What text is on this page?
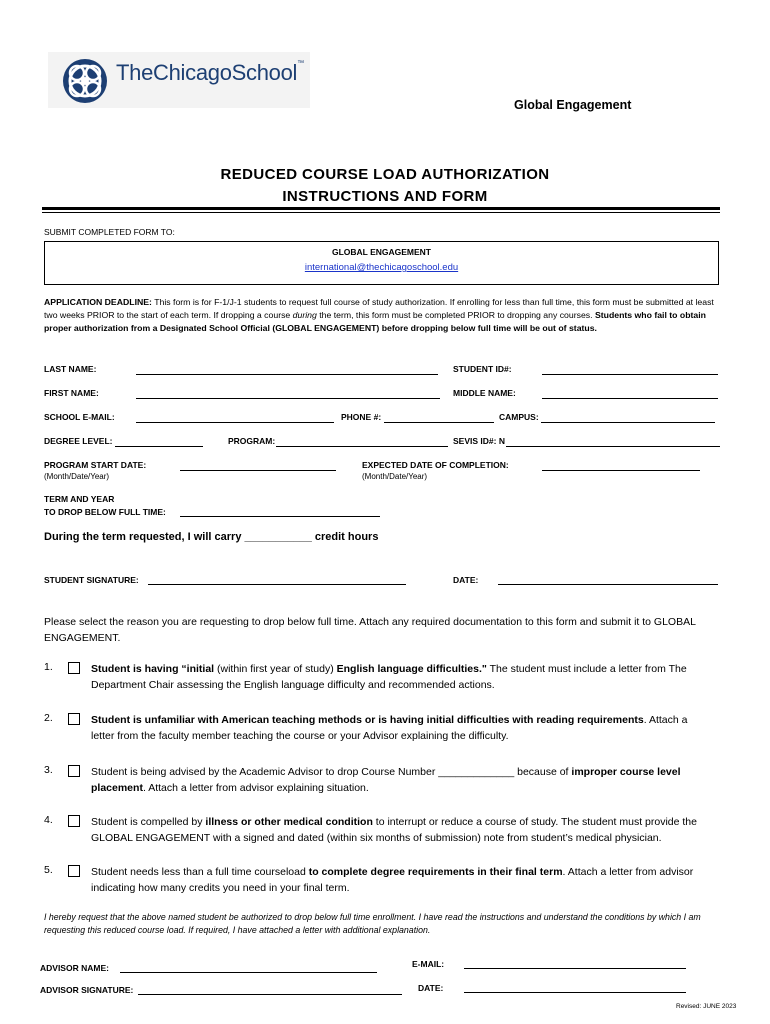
TheChicagoSchool™
Global Engagement
REDUCED COURSE LOAD AUTHORIZATION
INSTRUCTIONS AND FORM
SUBMIT COMPLETED FORM TO:
GLOBAL ENGAGEMENT
international@thechicagoschool.edu
APPLICATION DEADLINE: This form is for F-1/J-1 students to request full course of study authorization. If enrolling for less than full time, this form must be submitted at least two weeks PRIOR to the start of each term. If dropping a course during the term, this form must be completed PRIOR to dropping any courses. Students who fail to obtain proper authorization from a Designated School Official (GLOBAL ENGAGEMENT) before dropping below full time will be out of status.
LAST NAME:	STUDENT ID#:
FIRST NAME:	MIDDLE NAME:
SCHOOL E-MAIL:	PHONE #:	CAMPUS:
DEGREE LEVEL:	PROGRAM:	SEVIS ID#: N
PROGRAM START DATE:
(Month/Date/Year)
EXPECTED DATE OF COMPLETION:
(Month/Date/Year)
TERM AND YEAR
TO DROP BELOW FULL TIME:
During the term requested, I will carry ___________ credit hours
STUDENT SIGNATURE:	DATE:
Please select the reason you are requesting to drop below full time. Attach any required documentation to this form and submit it to GLOBAL ENGAGEMENT.
1.	Student is having “initial (within first year of study) English language difficulties." The student must include a letter from The Department Chair assessing the English language difficulty and recommended actions.
2.	Student is unfamiliar with American teaching methods or is having initial difficulties with reading requirements. Attach a letter from the faculty member teaching the course or your Advisor explaining the difficulty.
3.	Student is being advised by the Academic Advisor to drop Course Number _____________ because of improper course level placement. Attach a letter from advisor explaining situation.
4.	Student is compelled by illness or other medical condition to interrupt or reduce a course of study. The student must provide the GLOBAL ENGAGEMENT with a signed and dated (within six months of submission) note from student’s medical physician.
5.	Student needs less than a full time courseload to complete degree requirements in their final term. Attach a letter from advisor indicating how many credits you need in your final term.
I hereby request that the above named student be authorized to drop below full time enrollment. I have read the instructions and understand the conditions by which I am requesting this reduced course load. If required, I have attached a letter with additional explanation.
ADVISOR NAME:	E-MAIL:
ADVISOR SIGNATURE:	DATE:
Revised: JUNE 2023
